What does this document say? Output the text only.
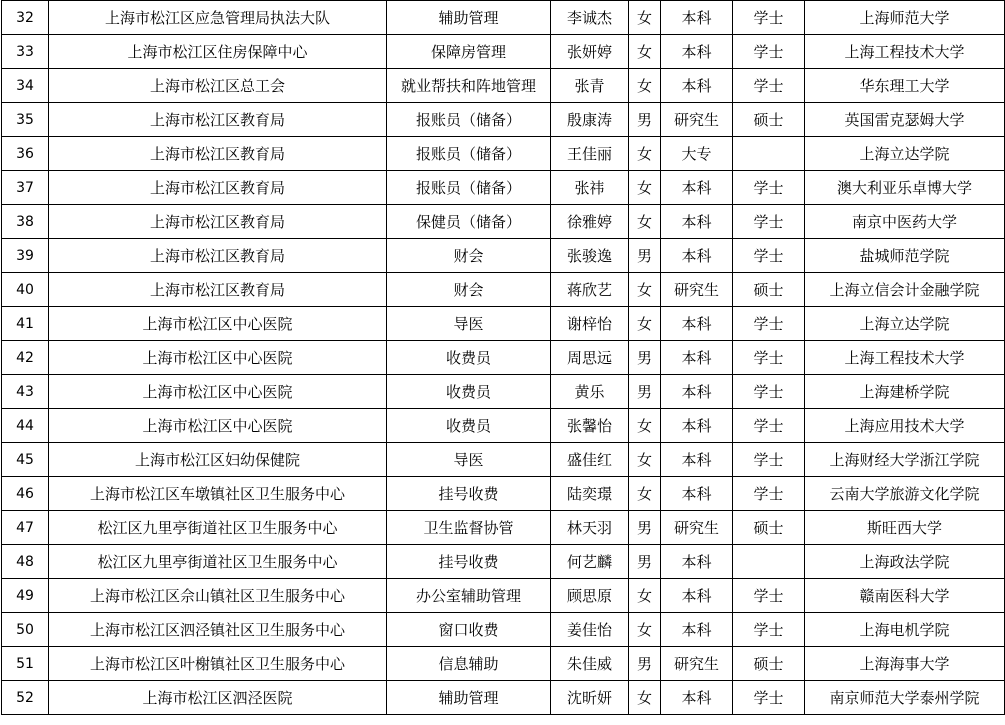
32	上海市松江区应急管理局执法大队	辅助管理	李诚杰	女	本科	学士	上海师范大学
33	上海市松江区住房保障中心	保障房管理	张妍婷	女	本科	学士	上海工程技术大学
34	上海市松江区总工会	就业帮扶和阵地管理	张青	女	本科	学士	华东理工大学
35	上海市松江区教育局	报账员（储备）	殷康涛	男	研究生	硕士	英国雷克瑟姆大学
36	上海市松江区教育局	报账员（储备）	王佳丽	女	大专		上海立达学院
37	上海市松江区教育局	报账员（储备）	张祎	女	本科	学士	澳大利亚乐卓博大学
38	上海市松江区教育局	保健员（储备）	徐雅婷	女	本科	学士	南京中医药大学
39	上海市松江区教育局	财会	张骏逸	男	本科	学士	盐城师范学院
40	上海市松江区教育局	财会	蒋欣艺	女	研究生	硕士	上海立信会计金融学院
41	上海市松江区中心医院	导医	谢梓怡	女	本科	学士	上海立达学院
42	上海市松江区中心医院	收费员	周思远	男	本科	学士	上海工程技术大学
43	上海市松江区中心医院	收费员	黄乐	男	本科	学士	上海建桥学院
44	上海市松江区中心医院	收费员	张馨怡	女	本科	学士	上海应用技术大学
45	上海市松江区妇幼保健院	导医	盛佳红	女	本科	学士	上海财经大学浙江学院
46	上海市松江区车墩镇社区卫生服务中心	挂号收费	陆奕璟	女	本科	学士	云南大学旅游文化学院
47	松江区九里亭街道社区卫生服务中心	卫生监督协管	林天羽	男	研究生	硕士	斯旺西大学
48	松江区九里亭街道社区卫生服务中心	挂号收费	何艺麟	男	本科		上海政法学院
49	上海市松江区佘山镇社区卫生服务中心	办公室辅助管理	顾思原	女	本科	学士	赣南医科大学
50	上海市松江区泗泾镇社区卫生服务中心	窗口收费	姜佳怡	女	本科	学士	上海电机学院
51	上海市松江区叶榭镇社区卫生服务中心	信息辅助	朱佳威	男	研究生	硕士	上海海事大学
52	上海市松江区泗泾医院	辅助管理	沈昕妍	女	本科	学士	南京师范大学泰州学院
